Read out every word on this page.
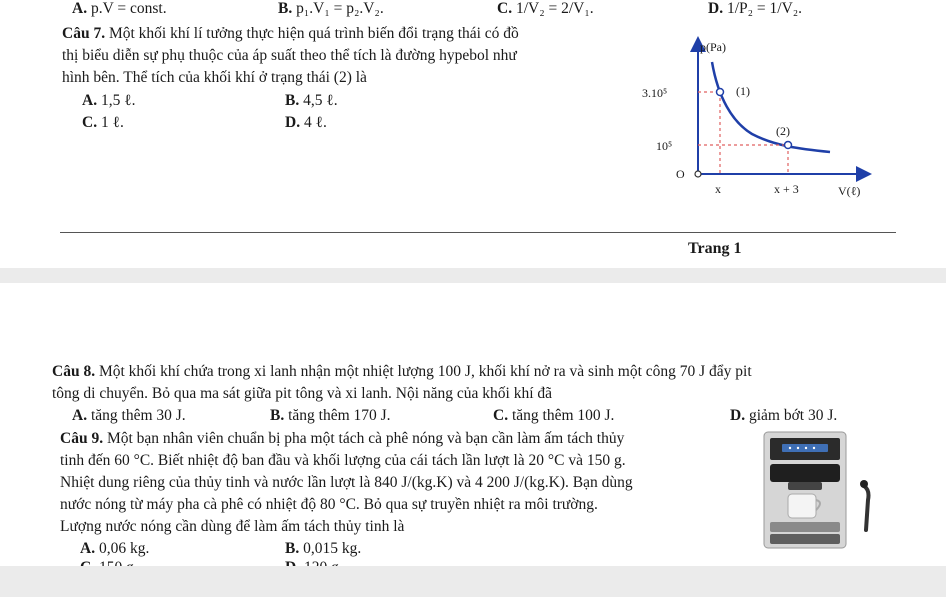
A. p.V = const.	B. p₁.V₁ = p₂.V₂.	C. 1/V₂ = 2/V₁.	D. 1/P₂ = 1/V₂.
Câu 7. Một khối khí lí tưởng thực hiện quá trình biến đổi trạng thái có đồ
thị biểu diễn sự phụ thuộc của áp suất theo thể tích là đường hypebol như
hình bên. Thể tích của khối khí ở trạng thái (2) là
A. 1,5 ℓ.	B. 4,5 ℓ.
C. 1 ℓ.	D. 4 ℓ.
p(Pa)
3.10⁵
10⁵
(1)
(2)
O
x	x + 3	V(ℓ)
Trang 1
Câu 8. Một khối khí chứa trong xi lanh nhận một nhiệt lượng 100 J, khối khí nở ra và sinh một công 70 J đẩy pit
tông di chuyển. Bỏ qua ma sát giữa pit tông và xi lanh. Nội năng của khối khí đã
A. tăng thêm 30 J.	B. tăng thêm 170 J.	C. tăng thêm 100 J.	D. giảm bớt 30 J.
Câu 9. Một bạn nhân viên chuẩn bị pha một tách cà phê nóng và bạn cần làm ấm tách thủy
tinh đến 60 °C. Biết nhiệt độ ban đầu và khối lượng của cái tách lần lượt là 20 °C và 150 g.
Nhiệt dung riêng của thủy tinh và nước lần lượt là 840 J/(kg.K) và 4 200 J/(kg.K). Bạn dùng
nước nóng từ máy pha cà phê có nhiệt độ 80 °C. Bỏ qua sự truyền nhiệt ra môi trường.
Lượng nước nóng cần dùng để làm ấm tách thủy tinh là
A. 0,06 kg.	B. 0,015 kg.
